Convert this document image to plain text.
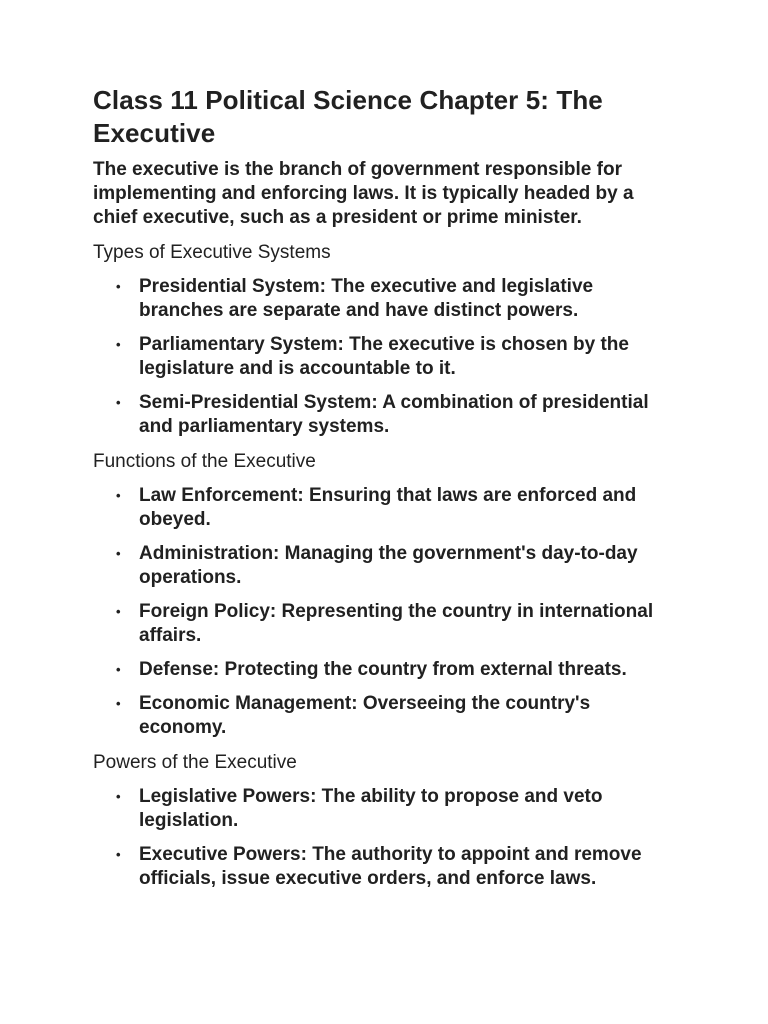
Class 11 Political Science Chapter 5: The Executive

The executive is the branch of government responsible for implementing and enforcing laws. It is typically headed by a chief executive, such as a president or prime minister.

Types of Executive Systems
• Presidential System: The executive and legislative branches are separate and have distinct powers.
• Parliamentary System: The executive is chosen by the legislature and is accountable to it.
• Semi-Presidential System: A combination of presidential and parliamentary systems.
Functions of the Executive
• Law Enforcement: Ensuring that laws are enforced and obeyed.
• Administration: Managing the government's day-to-day operations.
• Foreign Policy: Representing the country in international affairs.
• Defense: Protecting the country from external threats.
• Economic Management: Overseeing the country's economy.
Powers of the Executive
• Legislative Powers: The ability to propose and veto legislation.
• Executive Powers: The authority to appoint and remove officials, issue executive orders, and enforce laws.
